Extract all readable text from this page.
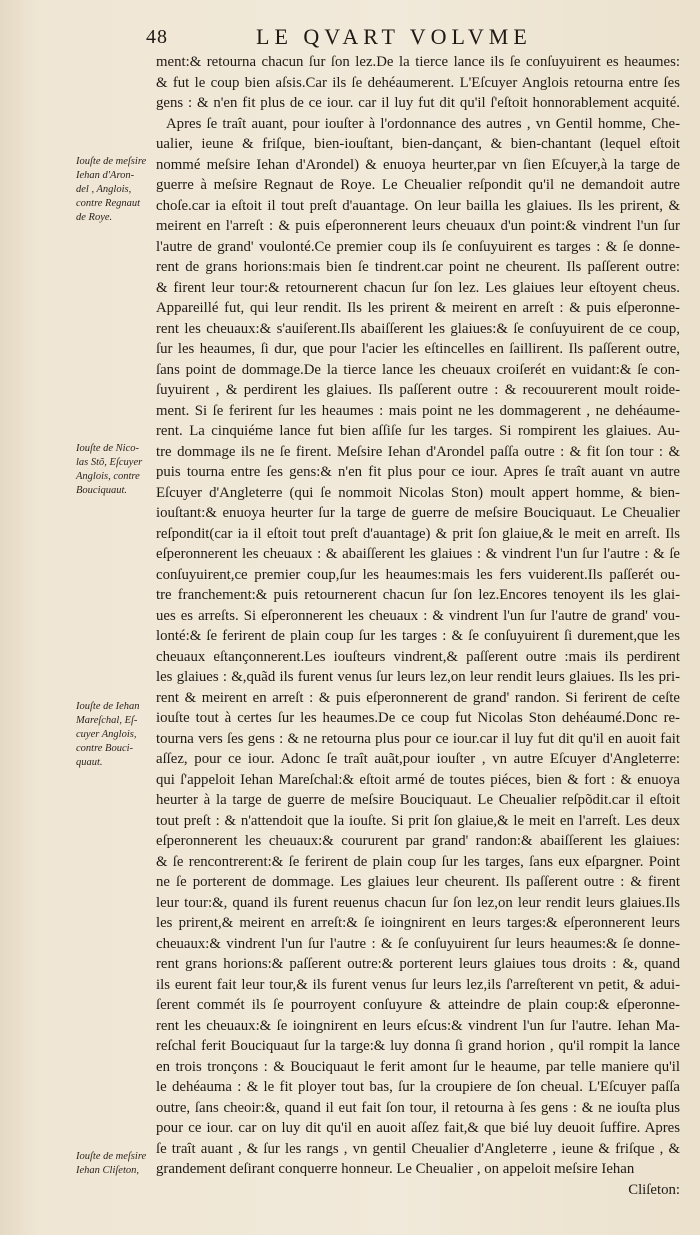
48	LE QVART VOLVME
ment:& retourna chacun ſur ſon lez.De la tierce lance ils ſe conſuyuirent es heaumes:
& fut le coup bien aſsis.Car ils ſe dehéaumerent. L'Eſcuyer Anglois retourna entre ſes
gens : & n'en fit plus de ce iour. car il luy fut dit qu'il ſ'eſtoit honnorablement acquité.
Apres ſe traît auant, pour iouſter à l'ordonnance des autres , vn Gentil homme, Che-
ualier, ieune & friſque, bien-iouſtant, bien-dançant, & bien-chantant (lequel eſtoit
nommé meſsire Iehan d'Arondel) & enuoya heurter,par vn ſien Eſcuyer,à la targe de
guerre à meſsire Regnaut de Roye. Le Cheualier reſpondit qu'il ne demandoit autre
choſe.car ia eſtoit il tout preſt d'auantage. On leur bailla les glaiues. Ils les prirent, &
meirent en l'arreſt : & puis eſperonnerent leurs cheuaux d'un point:& vindrent l'un ſur
l'autre de grand' voulonté.Ce premier coup ils ſe conſuyuirent es targes : & ſe donne-
rent de grans horions:mais bien ſe tindrent.car point ne cheurent. Ils paſſerent outre:
& firent leur tour:& retournerent chacun ſur ſon lez. Les glaiues leur eſtoyent cheus.
Appareillé fut, qui leur rendit. Ils les prirent & meirent en arreſt : & puis eſperonne-
rent les cheuaux:& s'auiſerent.Ils abaiſſerent les glaiues:& ſe conſuyuirent de ce coup,
ſur les heaumes, ſi dur, que pour l'acier les eſtincelles en ſaillirent. Ils paſſerent outre,
ſans point de dommage.De la tierce lance les cheuaux croiſerét en vuidant:& ſe con-
ſuyuirent , & perdirent les glaiues. Ils paſſerent outre : & recouurerent moult roide-
ment. Si ſe ferirent ſur les heaumes : mais point ne les dommagerent , ne dehéaume-
rent. La cinquiéme lance fut bien aſſiſe ſur les targes. Si rompirent les glaiues. Au-
tre dommage ils ne ſe firent. Meſsire Iehan d'Arondel paſſa outre : & fit ſon tour : &
puis tourna entre ſes gens:& n'en fit plus pour ce iour. Apres ſe traît auant vn autre
Eſcuyer d'Angleterre (qui ſe nommoit Nicolas Ston) moult appert homme, & bien-
iouſtant:& enuoya heurter ſur la targe de guerre de meſsire Bouciquaut. Le Cheualier
reſpondit(car ia il eſtoit tout preſt d'auantage) & prit ſon glaiue,& le meit en arreſt. Ils
eſperonnerent les cheuaux : & abaiſſerent les glaiues : & vindrent l'un ſur l'autre : & ſe
conſuyuirent,ce premier coup,ſur les heaumes:mais les fers vuiderent.Ils paſſerét ou-
tre franchement:& puis retournerent chacun ſur ſon lez.Encores tenoyent ils les glai-
ues es arreſts. Si eſperonnerent les cheuaux : & vindrent l'un ſur l'autre de grand' vou-
lonté:& ſe ferirent de plain coup ſur les targes : & ſe conſuyuirent ſi durement,que les
cheuaux eſtançonnerent.Les iouſteurs vindrent,& paſſerent outre :mais ils perdirent
les glaiues : &,quãd ils furent venus ſur leurs lez,on leur rendit leurs glaiues. Ils les pri-
rent & meirent en arreſt : & puis eſperonnerent de grand' randon. Si ferirent de ceſte
iouſte tout à certes ſur les heaumes.De ce coup fut Nicolas Ston dehéaumé.Donc re-
tourna vers ſes gens : & ne retourna plus pour ce iour.car il luy fut dit qu'il en auoit fait
aſſez, pour ce iour. Adonc ſe traît auãt,pour iouſter , vn autre Eſcuyer d'Angleterre:
qui ſ'appeloit Iehan Mareſchal:& eſtoit armé de toutes piéces, bien & fort : & enuoya
heurter à la targe de guerre de meſsire Bouciquaut. Le Cheualier reſpõdit.car il eſtoit
tout preſt : & n'attendoit que la iouſte. Si prit ſon glaiue,& le meit en l'arreſt. Les deux
eſperonnerent les cheuaux:& coururent par grand' randon:& abaiſſerent les glaiues:
& ſe rencontrerent:& ſe ferirent de plain coup ſur les targes, ſans eux eſpargner. Point
ne ſe porterent de dommage. Les glaiues leur cheurent. Ils paſſerent outre : & firent
leur tour:&, quand ils furent reuenus chacun ſur ſon lez,on leur rendit leurs glaiues.Ils
les prirent,& meirent en arreſt:& ſe ioingnirent en leurs targes:& eſperonnerent leurs
cheuaux:& vindrent l'un ſur l'autre : & ſe conſuyuirent ſur leurs heaumes:& ſe donne-
rent grans horions:& paſſerent outre:& porterent leurs glaiues tous droits : &, quand
ils eurent fait leur tour,& ils furent venus ſur leurs lez,ils ſ'arreſterent vn petit, & adui-
ſerent commét ils ſe pourroyent conſuyure & atteindre de plain coup:& eſperonne-
rent les cheuaux:& ſe ioingnirent en leurs eſcus:& vindrent l'un ſur l'autre. Iehan Ma-
reſchal ferit Bouciquaut ſur la targe:& luy donna ſi grand horion , qu'il rompit la lance
en trois tronçons : & Bouciquaut le ferit amont ſur le heaume, par telle maniere qu'il
le dehéauma : & le fit ployer tout bas, ſur la croupiere de ſon cheual. L'Eſcuyer paſſa
outre, ſans cheoir:&, quand il eut fait ſon tour, il retourna à ſes gens : & ne iouſta plus
pour ce iour. car on luy dit qu'il en auoit aſſez fait,& que bié luy deuoit ſuffire. Apres
ſe traît auant , & ſur les rangs , vn gentil Cheualier d'Angleterre , ieune & friſque , &
grandement deſirant conquerre honneur. Le Cheualier , on appeloit meſsire Iehan
Cliſeton:
Iouſte de meſsire
Iehan d'Aron-
del , Anglois,
contre Regnaut
de Roye.
Iouſte de Nico-
las Stõ, Eſcuyer
Anglois, contre
Bouciquaut.
Iouſte de Iehan
Mareſchal, Eſ-
cuyer Anglois,
contre Bouci-
quaut.
Iouſte de meſsire
Iehan Cliſeton,
